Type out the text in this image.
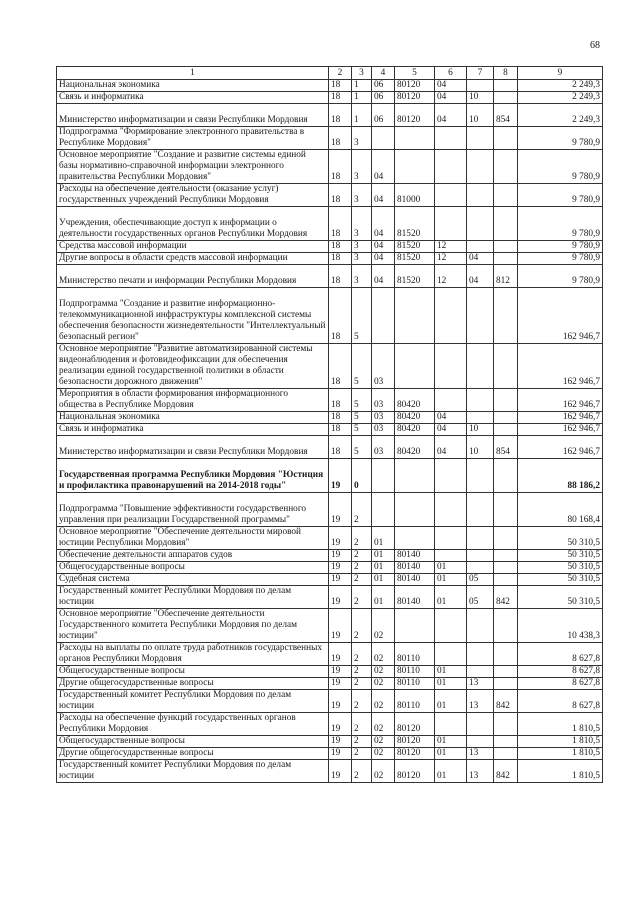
68
1	2	3	4	5	6	7	8	9
Национальная экономика	18	1	06	80120	04			2 249,3
Связь и информатика	18	1	06	80120	04	10		2 249,3
Министерство информатизации и связи Республики Мордовия	18	1	06	80120	04	10	854	2 249,3
Подпрограмма "Формирование электронного правительства в Республике Мордовия"	18	3						9 780,9
Основное мероприятие "Создание и развитие системы единой базы нормативно-справочной информации электронного правительства Республики Мордовия"	18	3	04					9 780,9
Расходы на обеспечение деятельности (оказание услуг) государственных учреждений Республики Мордовия	18	3	04	81000				9 780,9
Учреждения, обеспечивающие доступ к информации о деятельности государственных органов Республики Мордовия	18	3	04	81520				9 780,9
Средства массовой информации	18	3	04	81520	12			9 780,9
Другие вопросы в области средств массовой информации	18	3	04	81520	12	04		9 780,9
Министерство печати и информации Республики Мордовия	18	3	04	81520	12	04	812	9 780,9
Подпрограмма "Создание и развитие информационно-телекоммуникационной инфраструктуры комплексной системы обеспечения безопасности жизнедеятельности "Интеллектуальный безопасный регион"	18	5						162 946,7
Основное мероприятие "Развитие автоматизированной системы видеонаблюдения и фотовидеофиксации для обеспечения реализации единой государственной политики в области безопасности дорожного движения"	18	5	03					162 946,7
Мероприятия в области формирования информационного общества в Республике Мордовия	18	5	03	80420				162 946,7
Национальная экономика	18	5	03	80420	04			162 946,7
Связь и информатика	18	5	03	80420	04	10		162 946,7
Министерство информатизации и связи Республики Мордовия	18	5	03	80420	04	10	854	162 946,7
Государственная программа Республики Мордовия "Юстиция и профилактика правонарушений на 2014-2018 годы"	19	0						88 186,2
Подпрограмма "Повышение эффективности государственного управления при реализации Государственной программы"	19	2						80 168,4
Основное мероприятие "Обеспечение деятельности мировой юстиции Республики Мордовия"	19	2	01					50 310,5
Обеспечение деятельности аппаратов судов	19	2	01	80140				50 310,5
Общегосударственные вопросы	19	2	01	80140	01			50 310,5
Судебная система	19	2	01	80140	01	05		50 310,5
Государственный комитет Республики Мордовия по делам юстиции	19	2	01	80140	01	05	842	50 310,5
Основное мероприятие "Обеспечение деятельности Государственного комитета Республики Мордовия по делам юстиции"	19	2	02					10 438,3
Расходы на выплаты по оплате труда работников государственных органов Республики Мордовия	19	2	02	80110				8 627,8
Общегосударственные вопросы	19	2	02	80110	01			8 627,8
Другие общегосударственные вопросы	19	2	02	80110	01	13		8 627,8
Государственный комитет Республики Мордовия по делам юстиции	19	2	02	80110	01	13	842	8 627,8
Расходы на обеспечение функций государственных органов Республики Мордовия	19	2	02	80120				1 810,5
Общегосударственные вопросы	19	2	02	80120	01			1 810,5
Другие общегосударственные вопросы	19	2	02	80120	01	13		1 810,5
Государственный комитет Республики Мордовия по делам юстиции	19	2	02	80120	01	13	842	1 810,5
